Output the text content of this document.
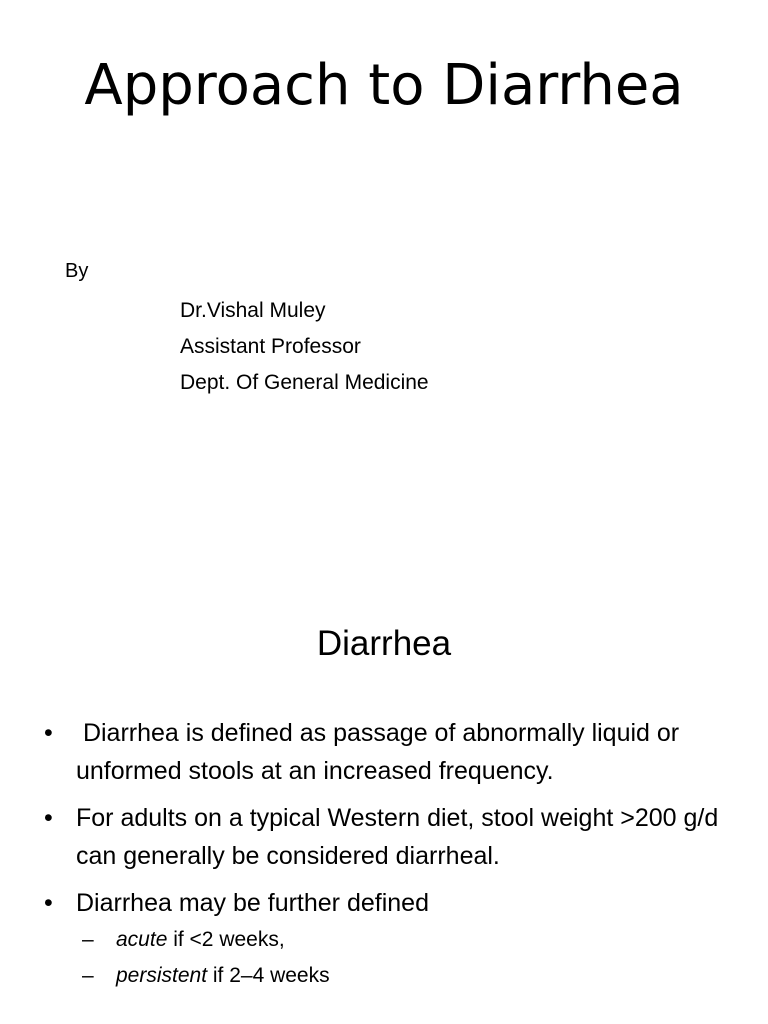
Approach to Diarrhea
By
Dr.Vishal Muley
Assistant Professor
Dept. Of General Medicine
Diarrhea
• Diarrhea is defined as passage of abnormally liquid or unformed stools at an increased frequency.
• For adults on a typical Western diet, stool weight >200 g/d can generally be considered diarrheal.
• Diarrhea may be further defined
– acute if <2 weeks,
– persistent if 2–4 weeks
